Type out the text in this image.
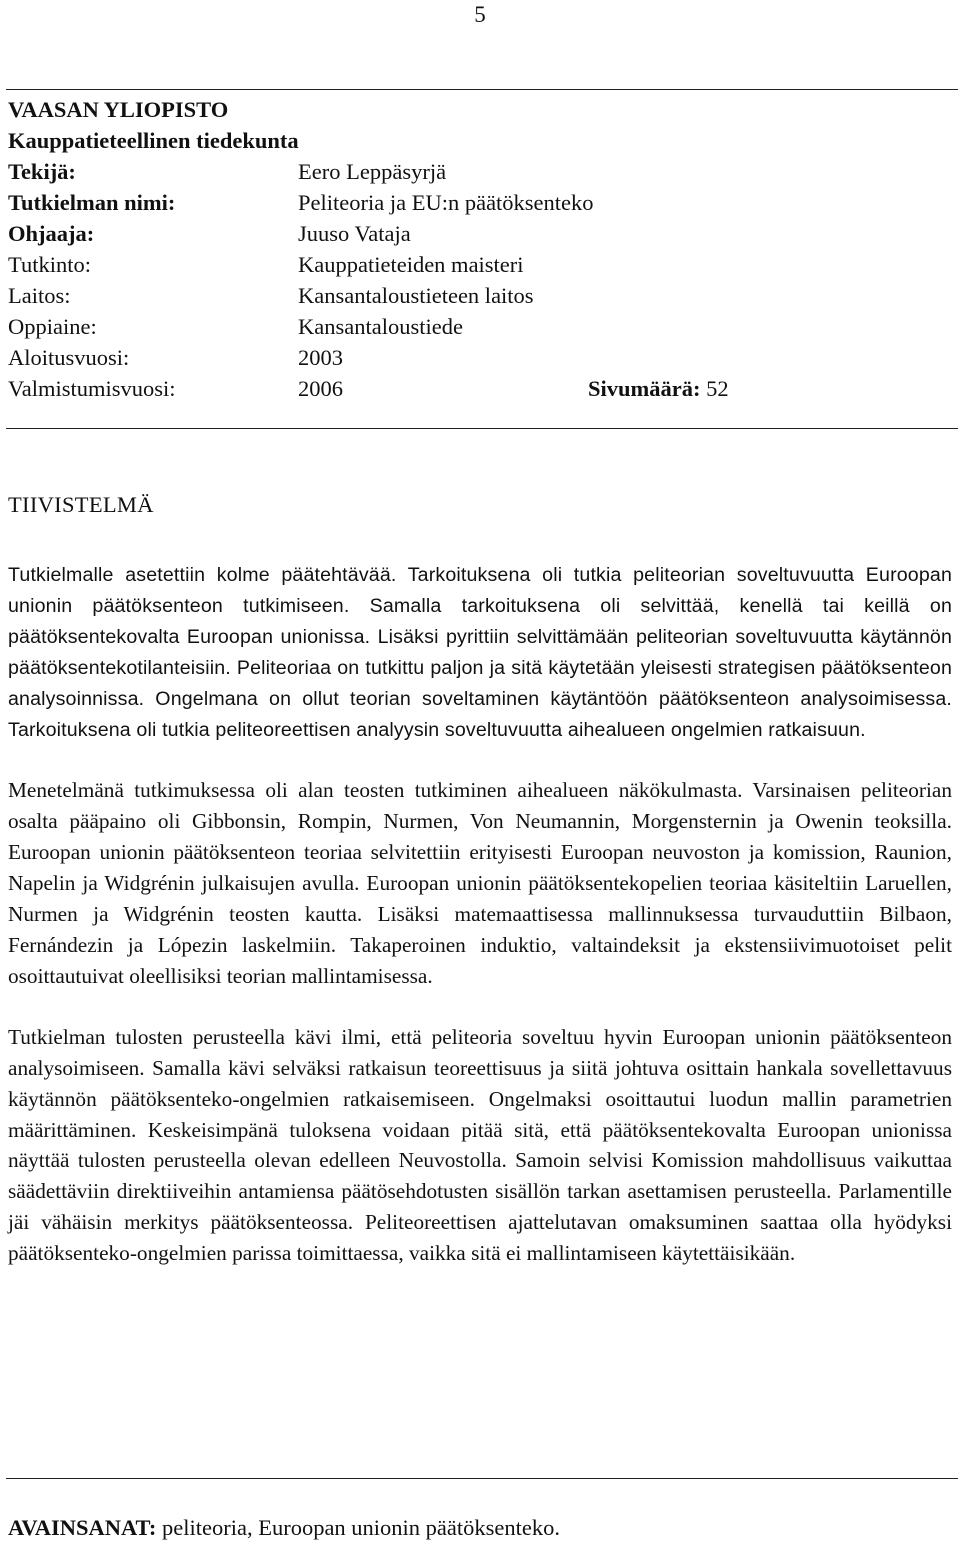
5
VAASAN YLIOPISTO
Kauppatieteellinen tiedekunta
Tekijä:	Eero Leppäsyrjä
Tutkielman nimi:	Peliteoria ja EU:n päätöksenteko
Ohjaaja:	Juuso Vataja
Tutkinto:	Kauppatieteiden maisteri
Laitos:	Kansantaloustieteen laitos
Oppiaine:	Kansantaloustiede
Aloitusvuosi:	2003
Valmistumisvuosi:	2006	Sivumäärä: 52
TIIVISTELMÄ

Tutkielmalle asetettiin kolme päätehtävää. Tarkoituksena oli tutkia peliteorian soveltuvuutta Euroopan unionin päätöksenteon tutkimiseen. Samalla tarkoituksena oli selvittää, kenellä tai keillä on päätöksentekovalta Euroopan unionissa. Lisäksi pyrittiin selvittämään peliteorian soveltuvuutta käytännön päätöksentekotilanteisiin. Peliteoriaa on tutkittu paljon ja sitä käytetään yleisesti strategisen päätöksenteon analysoinnissa. Ongelmana on ollut teorian soveltaminen käytäntöön päätöksenteon analysoimisessa. Tarkoituksena oli tutkia peliteoreettisen analyysin soveltuvuutta aihealueen ongelmien ratkaisuun.

Menetelmänä tutkimuksessa oli alan teosten tutkiminen aihealueen näkökulmasta. Varsinaisen peliteorian osalta pääpaino oli Gibbonsin, Rompin, Nurmen, Von Neumannin, Morgensternin ja Owenin teoksilla. Euroopan unionin päätöksenteon teoriaa selvitettiin erityisesti Euroopan neuvoston ja komission, Raunion, Napelin ja Widgrénin julkaisujen avulla. Euroopan unionin päätöksentekopelien teoriaa käsiteltiin Laruellen, Nurmen ja Widgrénin teosten kautta. Lisäksi matemaattisessa mallinnuksessa turvauduttiin Bilbaon, Fernándezin ja Lópezin laskelmiin. Takaperoinen induktio, valtaindeksit ja ekstensiivimuotoiset pelit osoittautuivat oleellisiksi teorian mallintamisessa.

Tutkielman tulosten perusteella kävi ilmi, että peliteoria soveltuu hyvin Euroopan unionin päätöksenteon analysoimiseen. Samalla kävi selväksi ratkaisun teoreettisuus ja siitä johtuva osittain hankala sovellettavuus käytännön päätöksenteko-ongelmien ratkaisemiseen. Ongelmaksi osoittautui luodun mallin parametrien määrittäminen. Keskeisimpänä tuloksena voidaan pitää sitä, että päätöksentekovalta Euroopan unionissa näyttää tulosten perusteella olevan edelleen Neuvostolla. Samoin selvisi Komission mahdollisuus vaikuttaa säädettäviin direktiiveihin antamiensa päätösehdotusten sisällön tarkan asettamisen perusteella. Parlamentille jäi vähäisin merkitys päätöksenteossa. Peliteoreettisen ajattelutavan omaksuminen saattaa olla hyödyksi päätöksenteko-ongelmien parissa toimittaessa, vaikka sitä ei mallintamiseen käytettäisikään.

AVAINSANAT: peliteoria, Euroopan unionin päätöksenteko.
